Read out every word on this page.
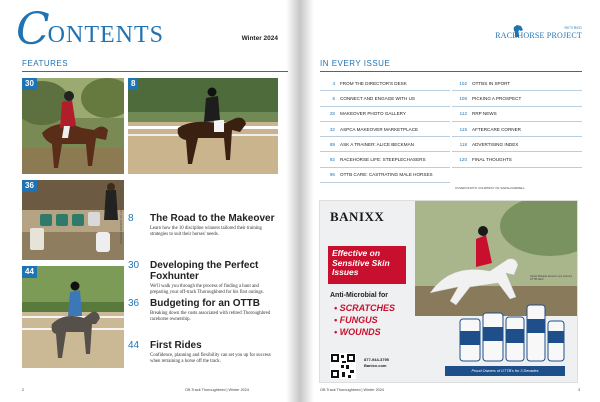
C
ONTENTS	Winter 2024
FEATURES
30	8
36
PHOTO COURTESY OF AMANDA BRAMMA
44
8 The Road to the Makeover
Learn how the 10 discipline winners tailored their training strategies to suit their horses' needs.
30 Developing the Perfect Foxhunter
We'll walk you through the process of finding a hunt and preparing your off-track Thoroughbred for his first outings.
36 Budgeting for an OTTB
Breaking down the costs associated with retired Thoroughbred racehorse ownership.
44 First Rides
Confidence, planning and flexibility can set you up for success when retraining a horse off the track.
2	Off-Track Thoroughbred | Winter 2024
RETIRED
RACEHORSE PROJECT
IN EVERY ISSUE
4	FROM THE DIRECTOR'S DESK
6	CONNECT AND ENGAGE WITH US
28	MAKEOVER PHOTO GALLERY
32	ASPCA MAKEOVER MARKETPLACE
89	ASK A TRAINER: ALICE BECKMAN
92	RACEHORSE LIFE: STEEPLECHASERS
96	OTTB CARE: CASTRATING MALE HORSES
102	OTTBS IN SPORT
108	PICKING A PROSPECT
112	RRP NEWS
115	AFTERCARE CORNER
118	ADVERTISING INDEX
120	FINAL THOUGHTS
Off-Track Thoroughbred | Winter 2024	3
COVER PHOTO COURTESY OF SARAH FARRELL
BANIXX
Effective on Sensitive Skin Issues
Anti-Microbial for
• SCRATCHES
• FUNGUS
• WOUNDS
877-944-3795
Banixx.com
Sylvia Whipple aboard Love Unlucky OTTB Mare
Proud Owners of OTTB's for 3 Decades
